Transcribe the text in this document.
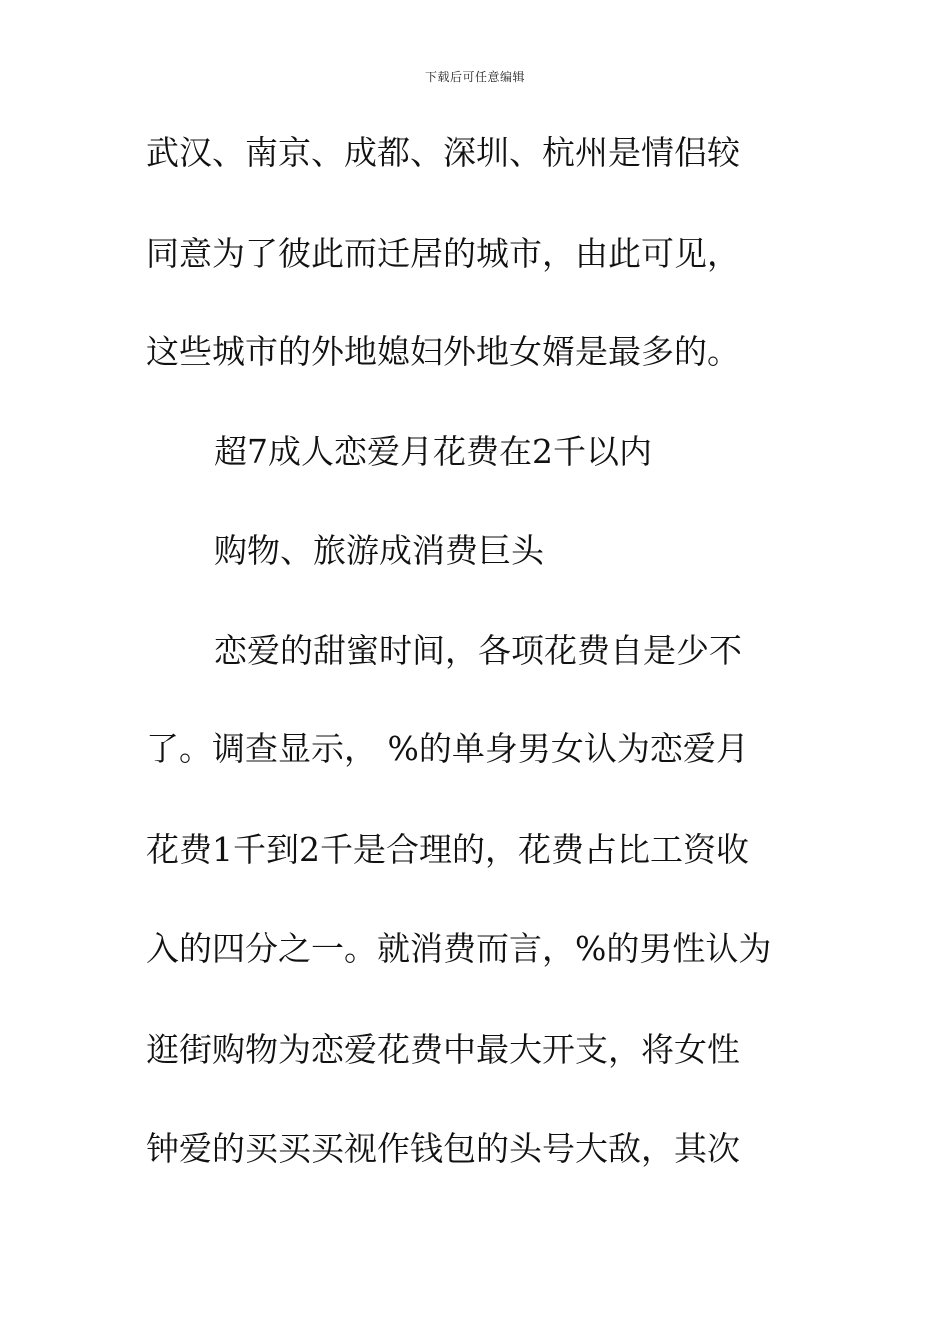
下载后可任意编辑
武汉、南京、成都、深圳、杭州是情侣较
同意为了彼此而迁居的城市，由此可见，
这些城市的外地媳妇外地女婿是最多的。
超7成人恋爱月花费在2千以内
购物、旅游成消费巨头
恋爱的甜蜜时间，各项花费自是少不
了。调查显示， %的单身男女认为恋爱月
花费1千到2千是合理的，花费占比工资收
入的四分之一。就消费而言，%的男性认为
逛街购物为恋爱花费中最大开支，将女性
钟爱的买买买视作钱包的头号大敌，其次
